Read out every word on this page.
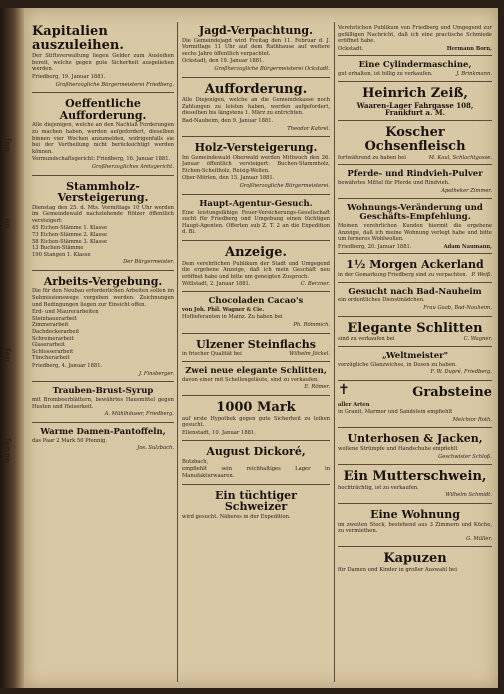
fen
en.
fen
fenne
Kapitalien auszuleihen.
Der Stiftsverwaltung liegen Gelder zum Ausleihen bereit, welche gegen gute Sicherheit ausgeliehen werden.
Friedberg, 19. Januar 1881.
Großherzogliche Bürgermeisterei Friedberg.
Oeffentliche Aufforderung.
Alle diejenigen, welche an den Nachlaß Forderungen zu machen haben, werden aufgefordert, dieselben binnen vier Wochen anzumelden, widrigenfalls sie bei der Vertheilung nicht berücksichtigt werden können.
Vormundschaftsgericht: Friedberg, 16. Januar 1881.
Großherzogliches Amtsgericht.
Stammholz-Versteigerung.
Dienstag den 25. d. Mts. Vormittags 10 Uhr werden im Gemeindewald nachstehende Hölzer öffentlich versteigert:
45 Eichen-Stämme 1. Klasse
73 Eichen-Stämme 2. Klasse
58 Eichen-Stämme 3. Klasse
13 Buchen-Stämme
190 Stangen 1. Klasse
Der Bürgermeister.
Arbeits-Vergebung.
Die für den Neubau erforderlichen Arbeiten sollen im Submissionswege vergeben werden. Zeichnungen und Bedingungen liegen zur Einsicht offen.
Erd- und Maurerarbeiten
Steinhauerarbeit
Zimmerarbeit
Dachdeckerarbeit
Schreinerarbeit
Glaserarbeit
Schlosserarbeit
Tüncherarbeit
Friedberg, 4. Januar 1881.
J. Finsberger.
Trauben-Brust-Syrup
mit Brombeerblättern, bewährtes Hausmittel gegen Husten und Heiserkeit.
A. Mühlhäuser, Friedberg.
Warme Damen-Pantoffeln,
das Paar 2 Mark 50 Pfennig.
Jos. Sulzbach.
Jagd-Verpachtung.
Die Gemeindejagd wird Freitag den 11. Februar d. J. Vormittags 11 Uhr auf dem Rathhause auf weitere sechs Jahre öffentlich verpachtet.
Ockstadt, den 19. Januar 1881.
Großherzogliche Bürgermeisterei Ockstadt.
Aufforderung.
Alle Diejenigen, welche an die Gemeindekasse noch Zahlungen zu leisten haben, werden aufgefordert, dieselben bis längstens 1. März zu entrichten.
Bad-Nauheim, den 9. Januar 1881.
Theodor Kahrel.
Holz-Versteigerung.
Im Gemeindewald Oberwald werden Mittwoch den 26. Januar öffentlich versteigert: Buchen-Stammholz, Eichen-Scheitholz, Reisig-Wellen.
Ober-Mörlen, den 15. Januar 1881.
Großherzogliche Bürgermeisterei.
Haupt-Agentur-Gesuch.
Eine leistungsfähige Feuer-Versicherungs-Gesellschaft sucht für Friedberg und Umgebung einen tüchtigen Haupt-Agenten. Offerten sub Z. T. 2 an die Expedition d. Bl.
Anzeige.
Dem verehrlichen Publikum der Stadt und Umgegend die ergebene Anzeige, daß ich mein Geschäft neu eröffnet habe und bitte um geneigten Zuspruch.
Wöllstadt, 2. Januar 1881.	C. Berzner.
Chocoladen Cacao's
von Joh. Phil. Wagner & Cie.
Hoflieferanten in Mainz. Zu haben bei
Ph. Römmich.
Ulzener Steinflachs
in frischer Qualität bei	Wilhelm Jöckel.
Zwei neue elegante Schlitten,
davon einer mit Schellengeläute, sind zu verkaufen.
E. Römer.
1000 Mark
auf erste Hypothek gegen gute Sicherheit zu leihen gesucht.
Ellenstadt, 10. Januar 1881.
August Dickoré,
Butzbach,
empfiehlt sein reichhaltiges Lager in Manufakturwaaren.
Ein tüchtiger Schweizer
wird gesucht. Näheres in der Expedition.
Verehrlichen Publikum von Friedberg und Umgegend zur gefälligen Nachricht, daß ich eine practische Schmiede eröffnet habe.
Ockstadt.	Hermann Born,
Eine Cylindermaschine,
gut erhalten, ist billig zu verkaufen.	J. Brinkmann.
Heinrich Zeiß,
Waaren-Lager Fahrgasse 108, Frankfurt a. M.
Koscher Ochsenfleisch
fortwährend zu haben bei	M. Kaul, Schlachtgasse.
Pferde- und Rindvieh-Pulver
bewährtes Mittel für Pferde und Rindvieh.
Apotheker Zimmer.
Wohnungs-Veränderung und Geschäfts-Empfehlung.
Meinen verehrlichen Kunden hiermit die ergebene Anzeige, daß ich meine Wohnung verlegt habe und bitte um ferneres Wohlwollen.
Friedberg, 20. Januar 1881.	Adam Naumann,
1½ Morgen Ackerland
in der Gemarkung Friedberg sind zu verpachten. P. Weiß.
Gesucht nach Bad-Nauheim
ein ordentliches Dienstmädchen.
Frau Gaab, Bad-Nauheim.
Elegante Schlitten
sind zu verkaufen bei	C. Wagner.
„Weltmeister"
vorzügliche Glanzwichse, in Dosen zu haben.
F. W. Dupré, Friedberg.
✝	Grabsteine
aller Arten
in Granit, Marmor und Sandstein empfiehlt
Melchior Roth.
Unterhosen & Jacken,
wollene Strümpfe und Handschuhe empfiehlt
Geschwister Schloß.
Ein Mutterschwein,
hochträchtig, ist zu verkaufen.
Wilhelm Schmidt.
Eine Wohnung
im zweiten Stock, bestehend aus 3 Zimmern und Küche, zu vermiethen.
G. Müller.
Kapuzen
für Damen und Kinder in großer Auswahl bei
